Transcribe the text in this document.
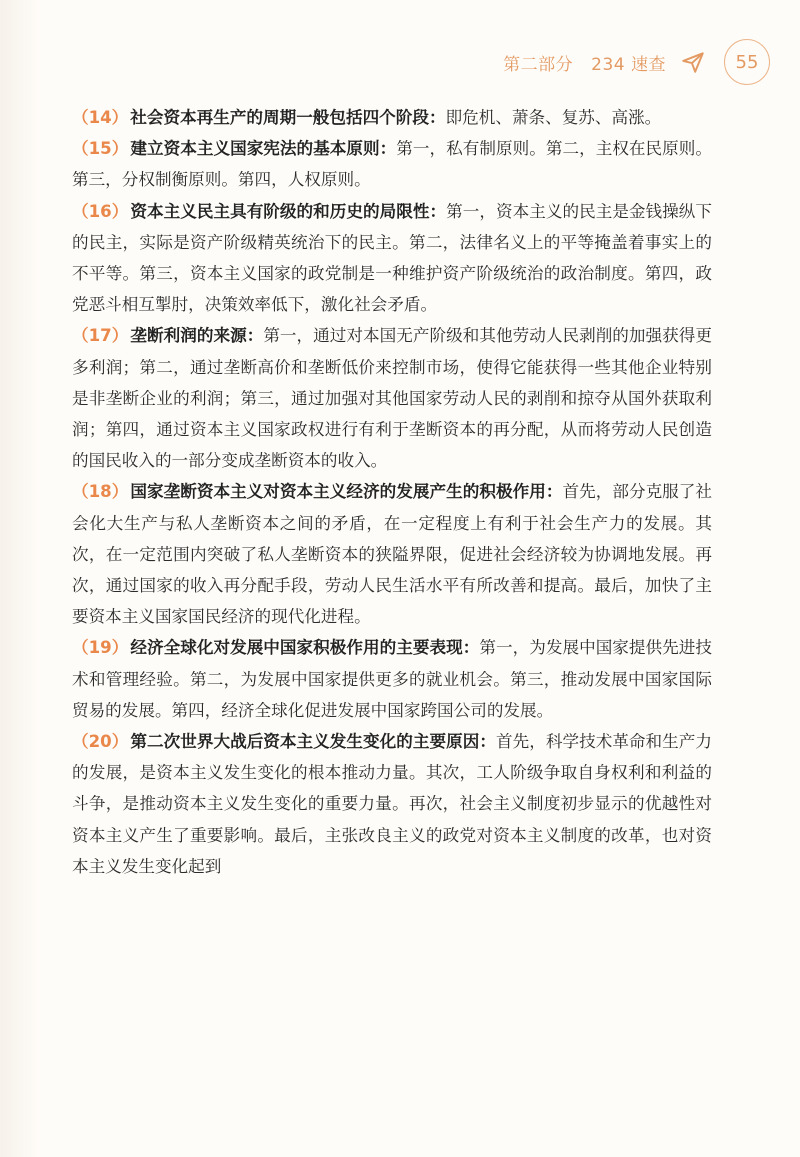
第二部分 234 速查	55

（14） 社会资本再生产的周期一般包括四个阶段：即危机、萧条、复苏、高涨。

（15） 建立资本主义国家宪法的基本原则：第一，私有制原则。第二，主权在民原则。第三，分权制衡原则。第四，人权原则。

（16） 资本主义民主具有阶级的和历史的局限性：第一，资本主义的民主是金钱操纵下的民主，实际是资产阶级精英统治下的民主。第二，法律名义上的平等掩盖着事实上的不平等。第三，资本主义国家的政党制是一种维护资产阶级统治的政治制度。第四，政党恶斗相互掣肘，决策效率低下，激化社会矛盾。

（17） 垄断利润的来源：第一，通过对本国无产阶级和其他劳动人民剥削的加强获得更多利润；第二，通过垄断高价和垄断低价来控制市场，使得它能获得一些其他企业特别是非垄断企业的利润；第三，通过加强对其他国家劳动人民的剥削和掠夺从国外获取利润；第四，通过资本主义国家政权进行有利于垄断资本的再分配，从而将劳动人民创造的国民收入的一部分变成垄断资本的收入。

（18） 国家垄断资本主义对资本主义经济的发展产生的积极作用：首先，部分克服了社会化大生产与私人垄断资本之间的矛盾，在一定程度上有利于社会生产力的发展。其次，在一定范围内突破了私人垄断资本的狭隘界限，促进社会经济较为协调地发展。再次，通过国家的收入再分配手段，劳动人民生活水平有所改善和提高。最后，加快了主要资本主义国家国民经济的现代化进程。

（19） 经济全球化对发展中国家积极作用的主要表现：第一，为发展中国家提供先进技术和管理经验。第二，为发展中国家提供更多的就业机会。第三，推动发展中国家国际贸易的发展。第四，经济全球化促进发展中国家跨国公司的发展。

（20） 第二次世界大战后资本主义发生变化的主要原因：首先，科学技术革命和生产力的发展，是资本主义发生变化的根本推动力量。其次，工人阶级争取自身权利和利益的斗争，是推动资本主义发生变化的重要力量。再次，社会主义制度初步显示的优越性对资本主义产生了重要影响。最后，主张改良主义的政党对资本主义制度的改革，也对资本主义发生变化起到
